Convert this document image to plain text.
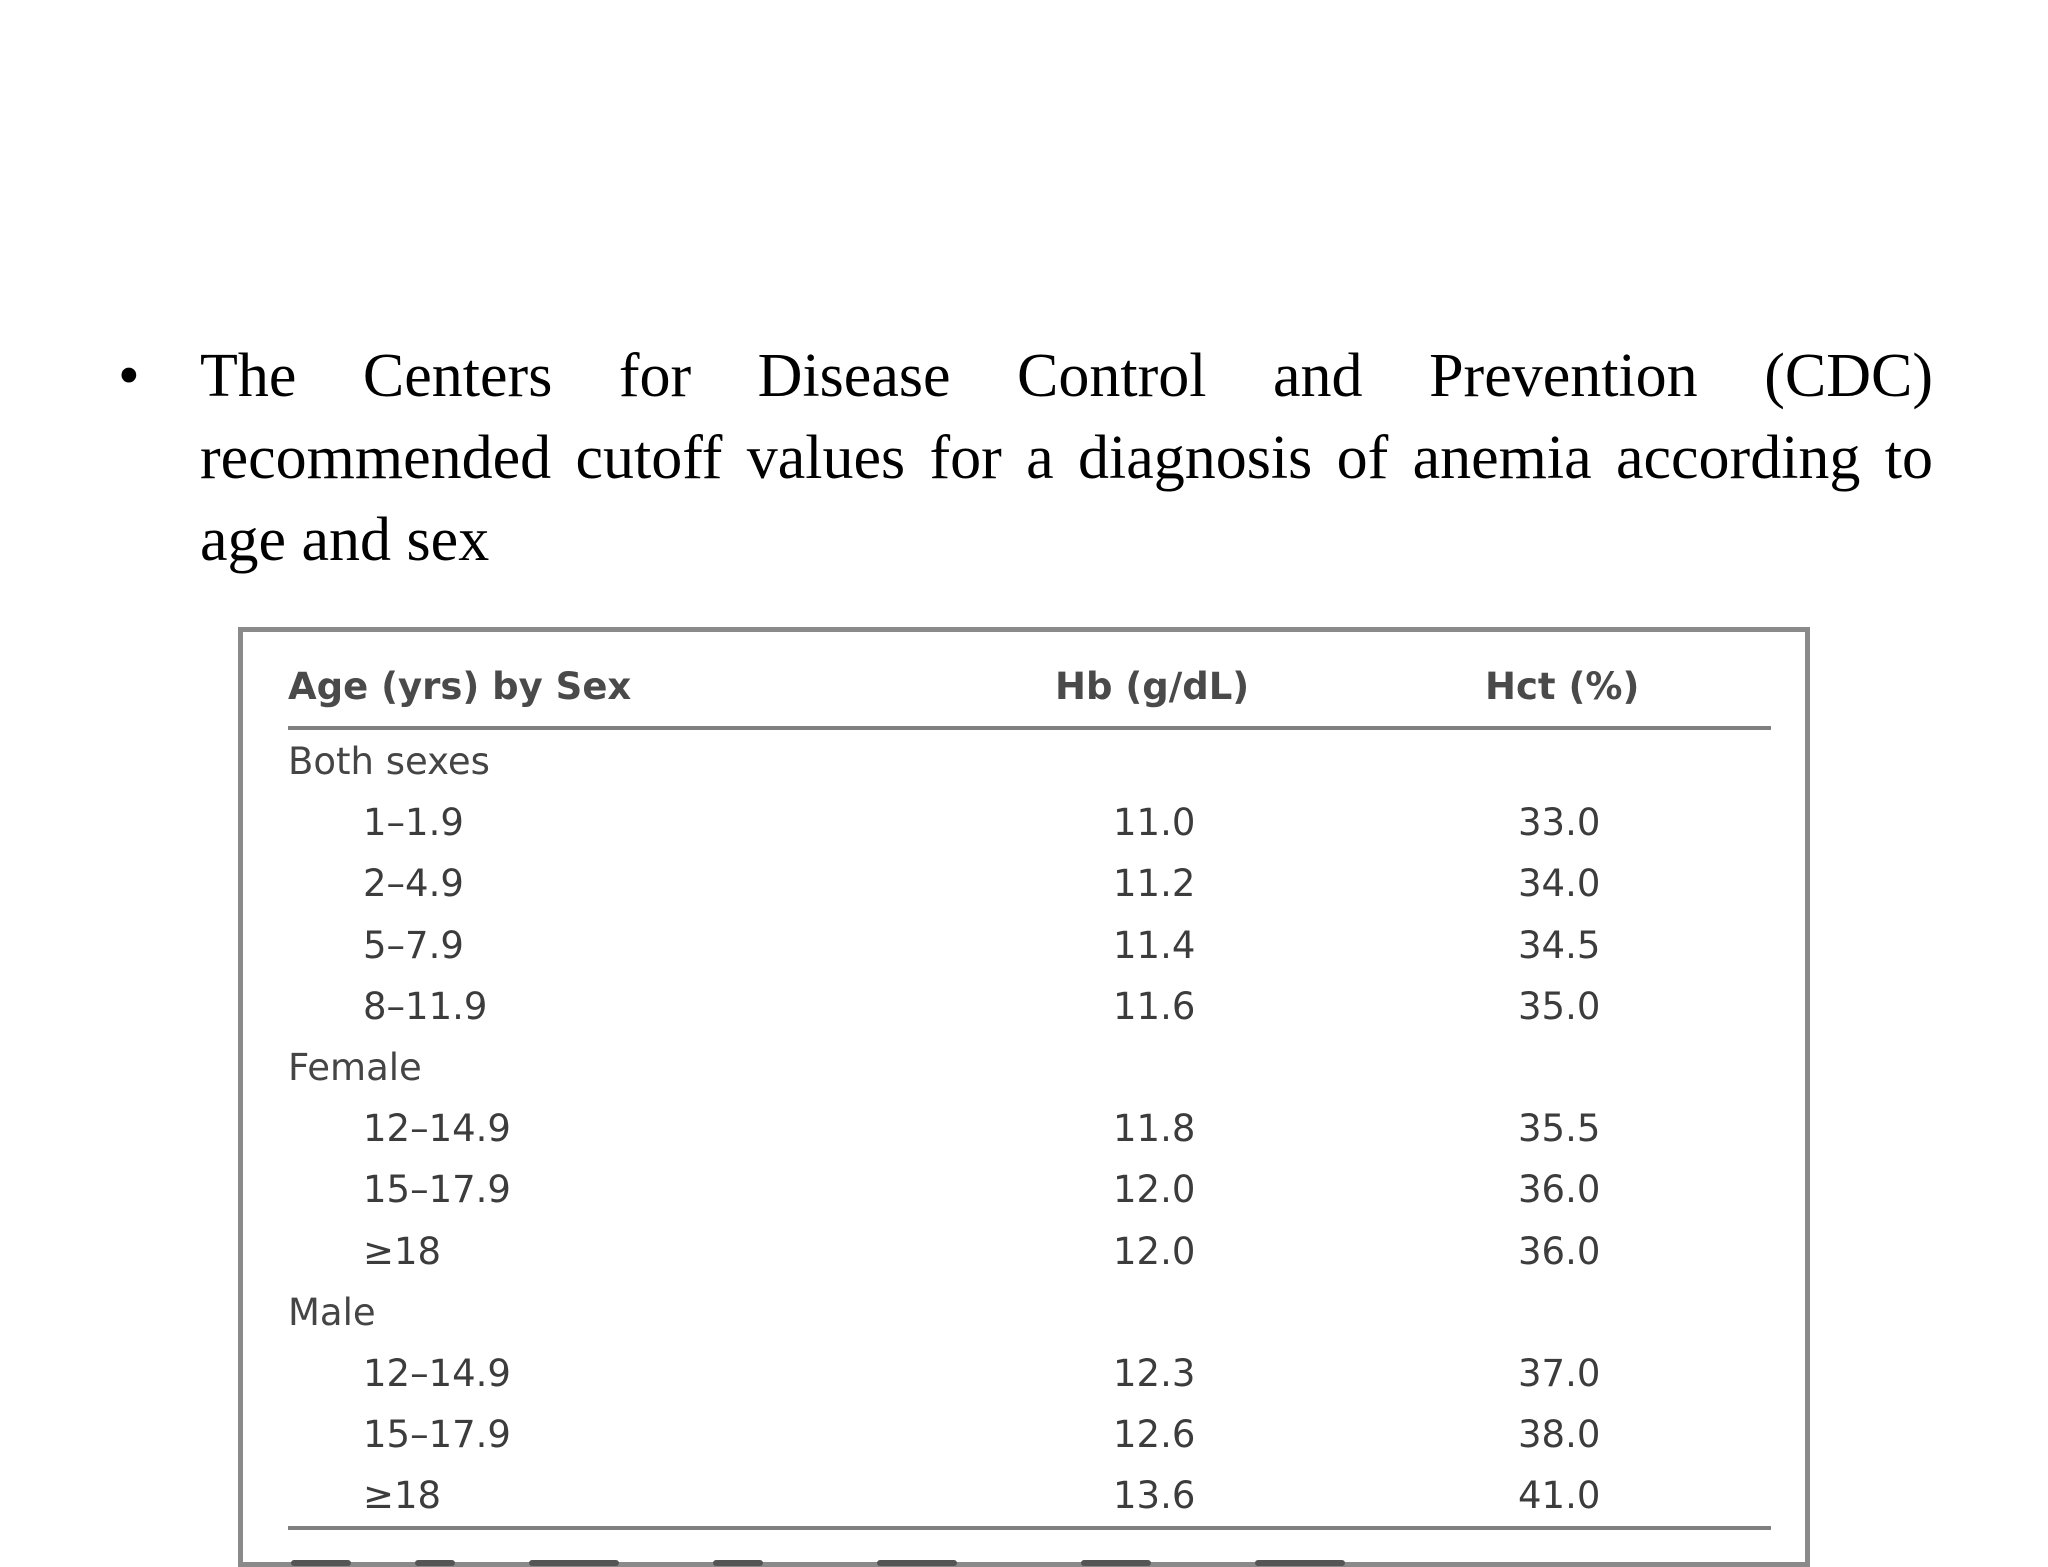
• The Centers for Disease Control and Prevention (CDC) recommended cutoff values for a diagnosis of anemia according to age and sex
Age (yrs) by Sex	Hb (g/dL)	Hct (%)

Both sexes
1–1.9	11.0	33.0
2–4.9	11.2	34.0
5–7.9	11.4	34.5
8–11.9	11.6	35.0
Female
12–14.9	11.8	35.5
15–17.9	12.0	36.0
≥18	12.0	36.0
Male
12–14.9	12.3	37.0
15–17.9	12.6	38.0
≥18	13.6	41.0
